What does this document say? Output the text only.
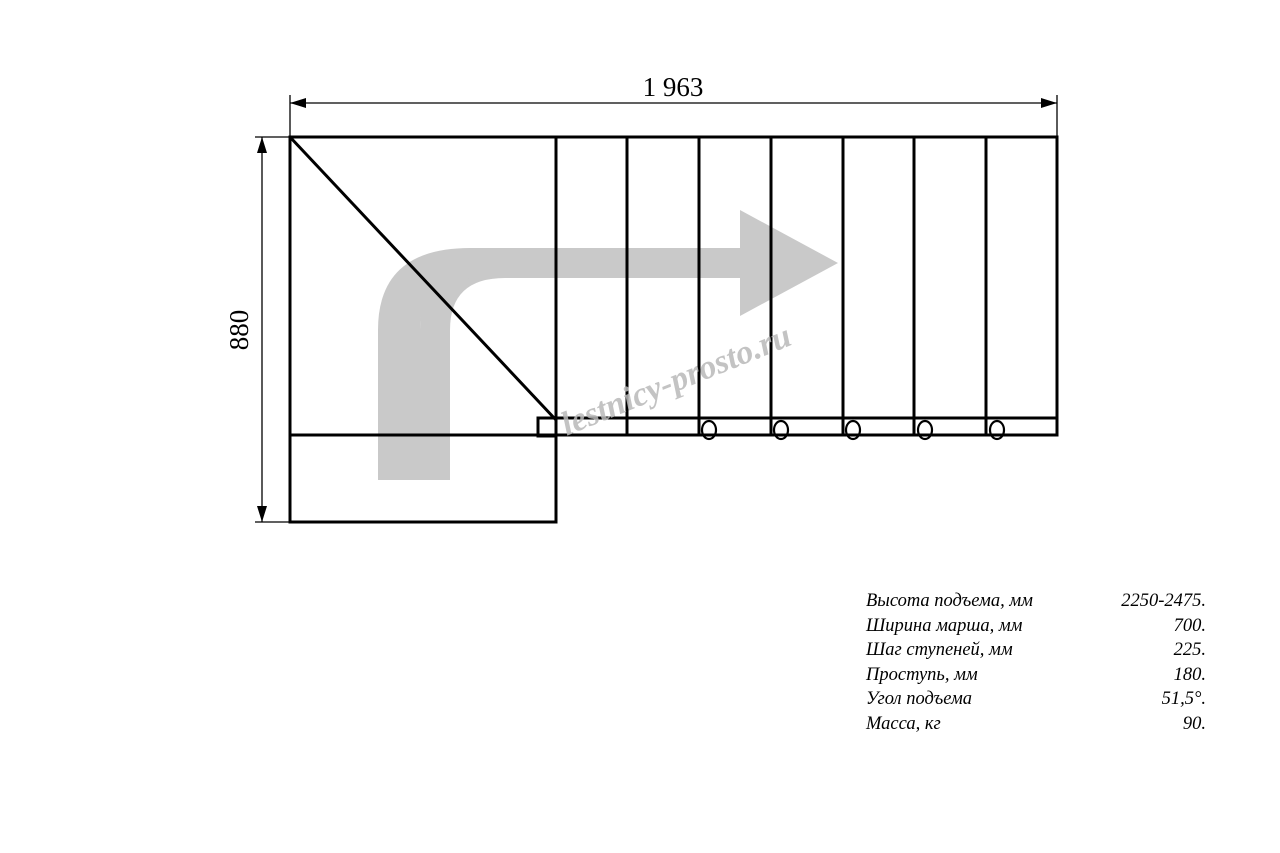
1 963
880	lestnicy-prosto.ru
Высота подъема, мм	2250-2475.
Ширина марша, мм	700.
Шаг ступеней, мм	225.
Проступь, мм	180.
Угол подъема	51,5°.
Масса, кг	90.
